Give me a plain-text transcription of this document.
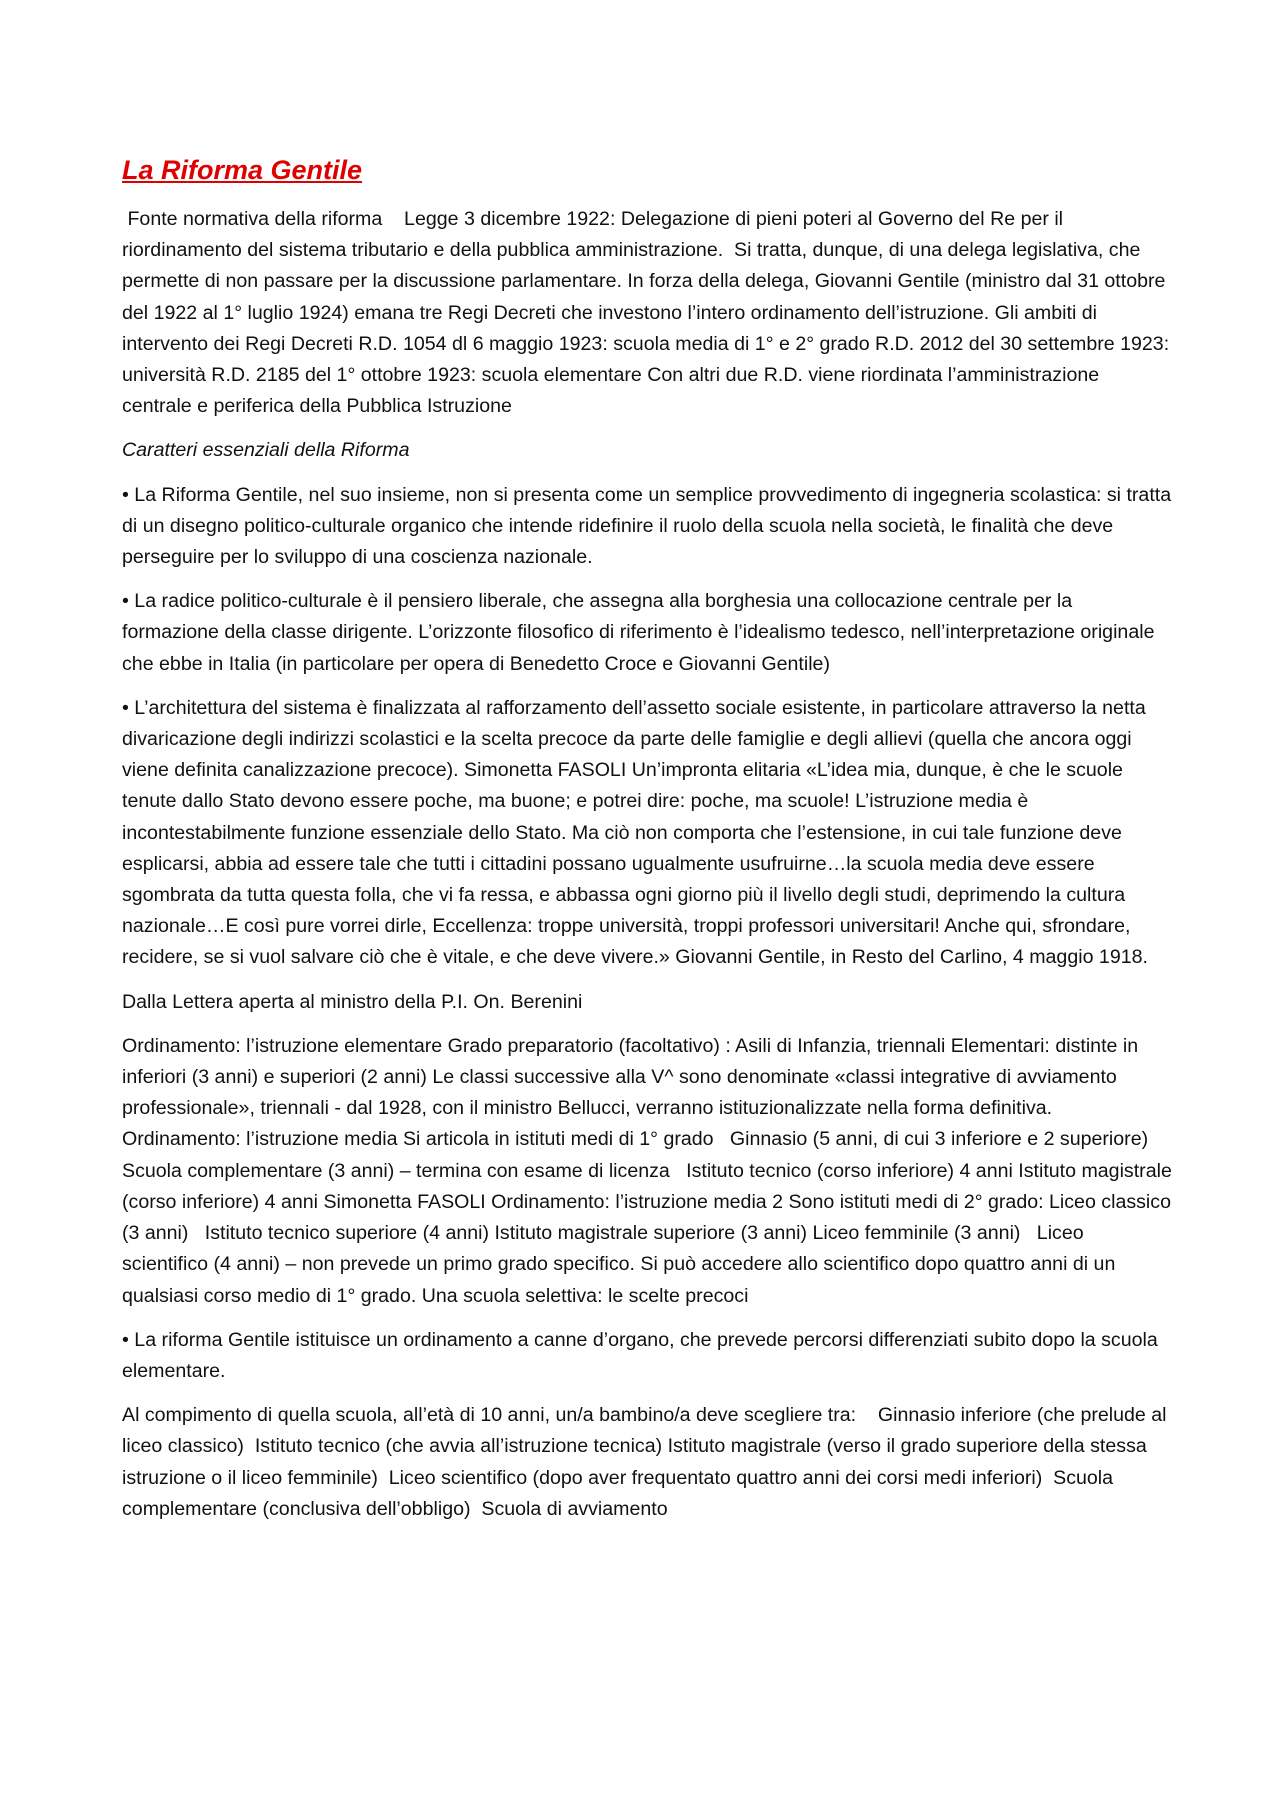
La Riforma Gentile

Fonte normativa della riforma    Legge 3 dicembre 1922: Delegazione di pieni poteri al Governo del Re per il riordinamento del sistema tributario e della pubblica amministrazione.  Si tratta, dunque, di una delega legislativa, che permette di non passare per la discussione parlamentare. In forza della delega, Giovanni Gentile (ministro dal 31 ottobre del 1922 al 1° luglio 1924) emana tre Regi Decreti che investono l’intero ordinamento dell’istruzione. Gli ambiti di intervento dei Regi Decreti R.D. 1054 dl 6 maggio 1923: scuola media di 1° e 2° grado R.D. 2012 del 30 settembre 1923: università R.D. 2185 del 1° ottobre 1923: scuola elementare Con altri due R.D. viene riordinata l’amministrazione centrale e periferica della Pubblica Istruzione

Caratteri essenziali della Riforma

• La Riforma Gentile, nel suo insieme, non si presenta come un semplice provvedimento di ingegneria scolastica: si tratta di un disegno politico-culturale organico che intende ridefinire il ruolo della scuola nella società, le finalità che deve perseguire per lo sviluppo di una coscienza nazionale.

• La radice politico-culturale è il pensiero liberale, che assegna alla borghesia una collocazione centrale per la formazione della classe dirigente. L’orizzonte filosofico di riferimento è l’idealismo tedesco, nell’interpretazione originale che ebbe in Italia (in particolare per opera di Benedetto Croce e Giovanni Gentile)

• L’architettura del sistema è finalizzata al rafforzamento dell’assetto sociale esistente, in particolare attraverso la netta divaricazione degli indirizzi scolastici e la scelta precoce da parte delle famiglie e degli allievi (quella che ancora oggi viene definita canalizzazione precoce). Simonetta FASOLI Un’impronta elitaria «L’idea mia, dunque, è che le scuole tenute dallo Stato devono essere poche, ma buone; e potrei dire: poche, ma scuole! L’istruzione media è incontestabilmente funzione essenziale dello Stato. Ma ciò non comporta che l’estensione, in cui tale funzione deve esplicarsi, abbia ad essere tale che tutti i cittadini possano ugualmente usufruirne…la scuola media deve essere sgombrata da tutta questa folla, che vi fa ressa, e abbassa ogni giorno più il livello degli studi, deprimendo la cultura nazionale…E così pure vorrei dirle, Eccellenza: troppe università, troppi professori universitari! Anche qui, sfrondare, recidere, se si vuol salvare ciò che è vitale, e che deve vivere.» Giovanni Gentile, in Resto del Carlino, 4 maggio 1918.

Dalla Lettera aperta al ministro della P.I. On. Berenini

Ordinamento: l’istruzione elementare Grado preparatorio (facoltativo) : Asili di Infanzia, triennali Elementari: distinte in inferiori (3 anni) e superiori (2 anni) Le classi successive alla V^ sono denominate «classi integrative di avviamento professionale», triennali - dal 1928, con il ministro Bellucci, verranno istituzionalizzate nella forma definitiva. Ordinamento: l’istruzione media Si articola in istituti medi di 1° grado   Ginnasio (5 anni, di cui 3 inferiore e 2 superiore) Scuola complementare (3 anni) – termina con esame di licenza   Istituto tecnico (corso inferiore) 4 anni Istituto magistrale (corso inferiore) 4 anni Simonetta FASOLI Ordinamento: l’istruzione media 2 Sono istituti medi di 2° grado: Liceo classico (3 anni)   Istituto tecnico superiore (4 anni) Istituto magistrale superiore (3 anni) Liceo femminile (3 anni)   Liceo scientifico (4 anni) – non prevede un primo grado specifico. Si può accedere allo scientifico dopo quattro anni di un qualsiasi corso medio di 1° grado. Una scuola selettiva: le scelte precoci

• La riforma Gentile istituisce un ordinamento a canne d’organo, che prevede percorsi differenziati subito dopo la scuola elementare.

Al compimento di quella scuola, all’età di 10 anni, un/a bambino/a deve scegliere tra:    Ginnasio inferiore (che prelude al liceo classico)  Istituto tecnico (che avvia all’istruzione tecnica) Istituto magistrale (verso il grado superiore della stessa istruzione o il liceo femminile)  Liceo scientifico (dopo aver frequentato quattro anni dei corsi medi inferiori)  Scuola complementare (conclusiva dell’obbligo)  Scuola di avviamento
